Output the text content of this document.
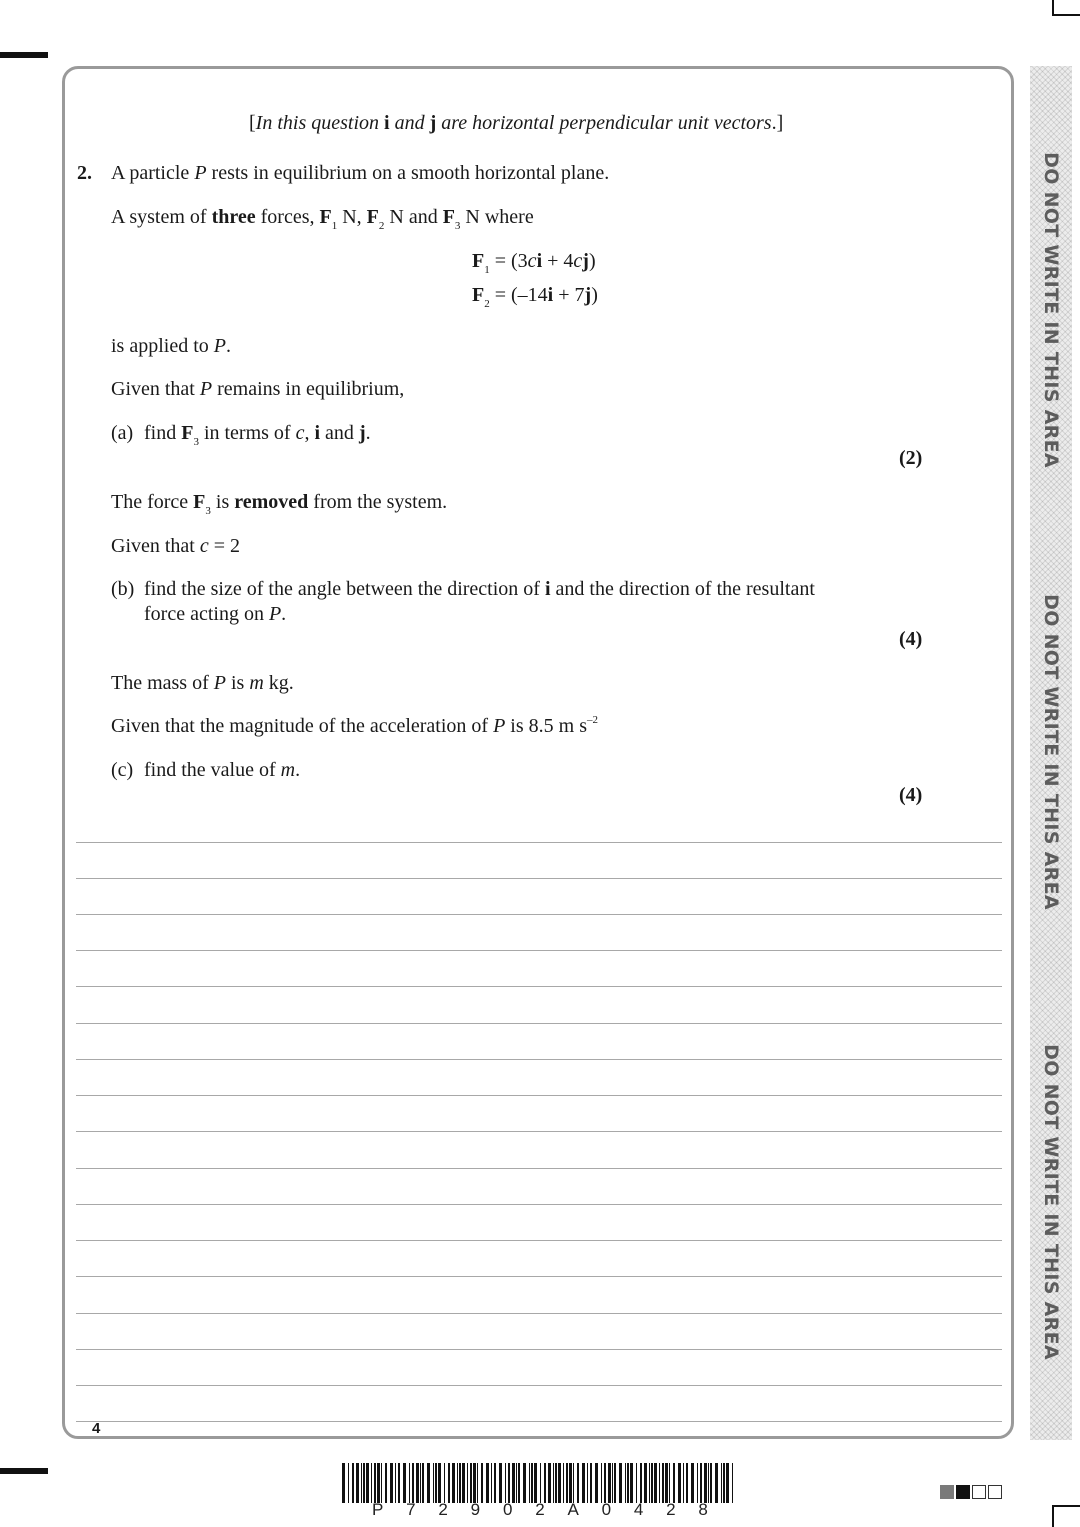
DO NOT WRITE IN THIS AREA
DO NOT WRITE IN THIS AREA
DO NOT WRITE IN THIS AREA
[In this question i and j are horizontal perpendicular unit vectors.]
2. A particle P rests in equilibrium on a smooth horizontal plane.
A system of three forces, $F_1$ N, $F_2$ N and $F_3$ N where
$F_1 = (3ci + 4cj)$
$F_2 = (-14i + 7j)$
is applied to P.
Given that P remains in equilibrium,
(a) find $F_3$ in terms of c, i and j.
(2)
The force $F_3$ is removed from the system.
Given that c = 2
(b) find the size of the angle between the direction of i and the direction of the resultant
force acting on P.
(4)
The mass of P is m kg.
Given that the magnitude of the acceleration of P is 8.5 m $s^{-2}$
(c) find the value of m.
(4)
4
P 7 2 9 0 2 A 0 4 2 8
